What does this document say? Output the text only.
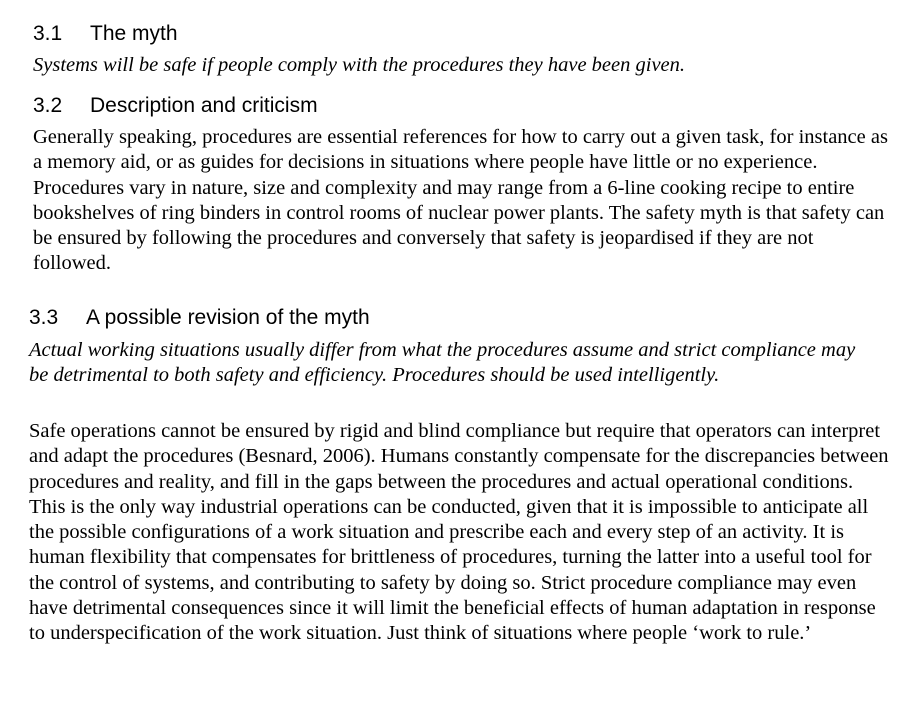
3.1 The myth
Systems will be safe if people comply with the procedures they have been given.
3.2 Description and criticism
Generally speaking, procedures are essential references for how to carry out a given task, for instance as a memory aid, or as guides for decisions in situations where people have little or no experience. Procedures vary in nature, size and complexity and may range from a 6-line cooking recipe to entire bookshelves of ring binders in control rooms of nuclear power plants. The safety myth is that safety can be ensured by following the procedures and conversely that safety is jeopardised if they are not followed.
3.3 A possible revision of the myth
Actual working situations usually differ from what the procedures assume and strict compliance may be detrimental to both safety and efficiency. Procedures should be used intelligently.
Safe operations cannot be ensured by rigid and blind compliance but require that operators can interpret and adapt the procedures (Besnard, 2006). Humans constantly compensate for the discrepancies between procedures and reality, and fill in the gaps between the procedures and actual operational conditions. This is the only way industrial operations can be conducted, given that it is impossible to anticipate all the possible configurations of a work situation and prescribe each and every step of an activity. It is human flexibility that compensates for brittleness of procedures, turning the latter into a useful tool for the control of systems, and contributing to safety by doing so. Strict procedure compliance may even have detrimental consequences since it will limit the beneficial effects of human adaptation in response to underspecification of the work situation. Just think of situations where people ‘work to rule.’
